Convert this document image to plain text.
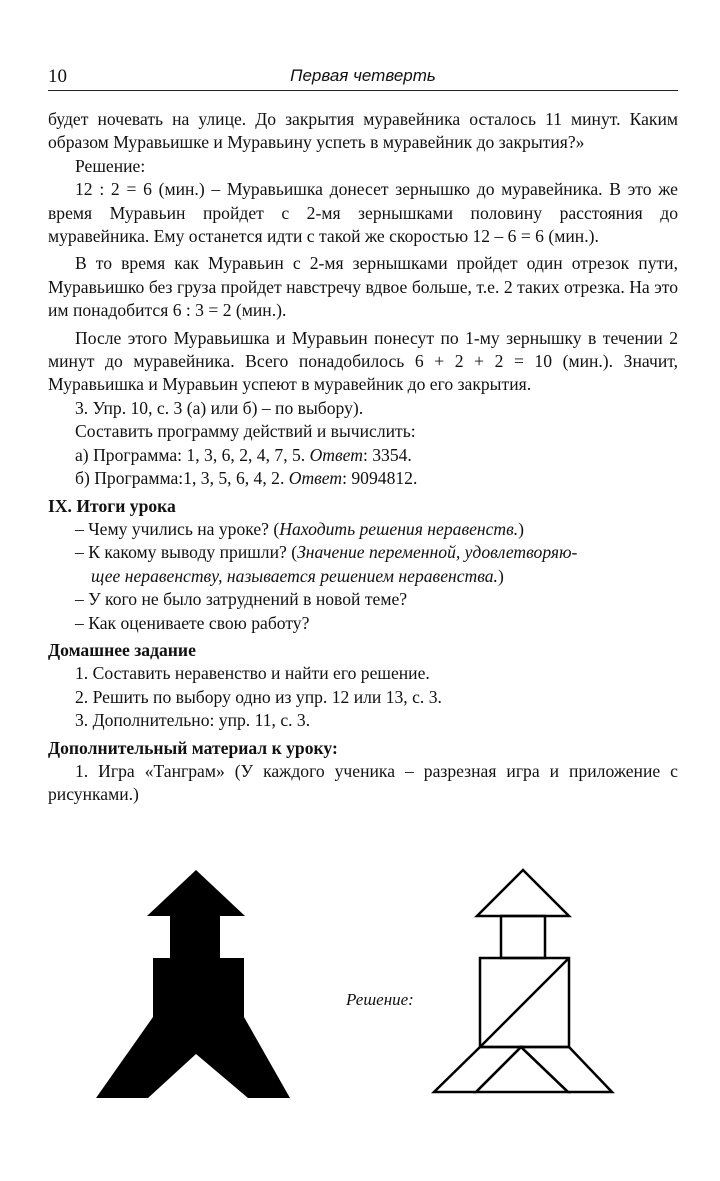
10	Первая четверть

будет ночевать на улице. До закрытия муравейника осталось 11 минут. Каким образом Муравьишке и Муравьину успеть в муравейник до закрытия?»

Решение:

12 : 2 = 6 (мин.) – Муравьишка донесет зернышко до муравейника. В это же время Муравьин пройдет с 2-мя зернышками половину расстояния до муравейника. Ему останется идти с такой же скоростью 12 – 6 = 6 (мин.).

В то время как Муравьин с 2-мя зернышками пройдет один отрезок пути, Муравьишко без груза пройдет навстречу вдвое больше, т.е. 2 таких отрезка. На это им понадобится 6 : 3 = 2 (мин.).

После этого Муравьишка и Муравьин понесут по 1-му зернышку в течении 2 минут до муравейника. Всего понадобилось 6 + 2 + 2 = 10 (мин.). Значит, Муравьишка и Муравьин успеют в муравейник до его закрытия.

3. Упр. 10, с. 3 (а) или б) – по выбору).

Составить программу действий и вычислить:

а) Программа: 1, 3, 6, 2, 4, 7, 5. Ответ: 3354.

б) Программа:1, 3, 5, 6, 4, 2. Ответ: 9094812.

IX. Итоги урока

– Чему учились на уроке? (Находить решения неравенств.)

– К какому выводу пришли? (Значение переменной, удовлетворяю-
щее неравенству, называется решением неравенства.)

– У кого не было затруднений в новой теме?

– Как оцениваете свою работу?

Домашнее задание

1. Составить неравенство и найти его решение.

2. Решить по выбору одно из упр. 12 или 13, с. 3.

3. Дополнительно: упр. 11, с. 3.

Дополнительный материал к уроку:

1. Игра «Танграм» (У каждого ученика – разрезная игра и приложение с рисунками.)

Решение:
